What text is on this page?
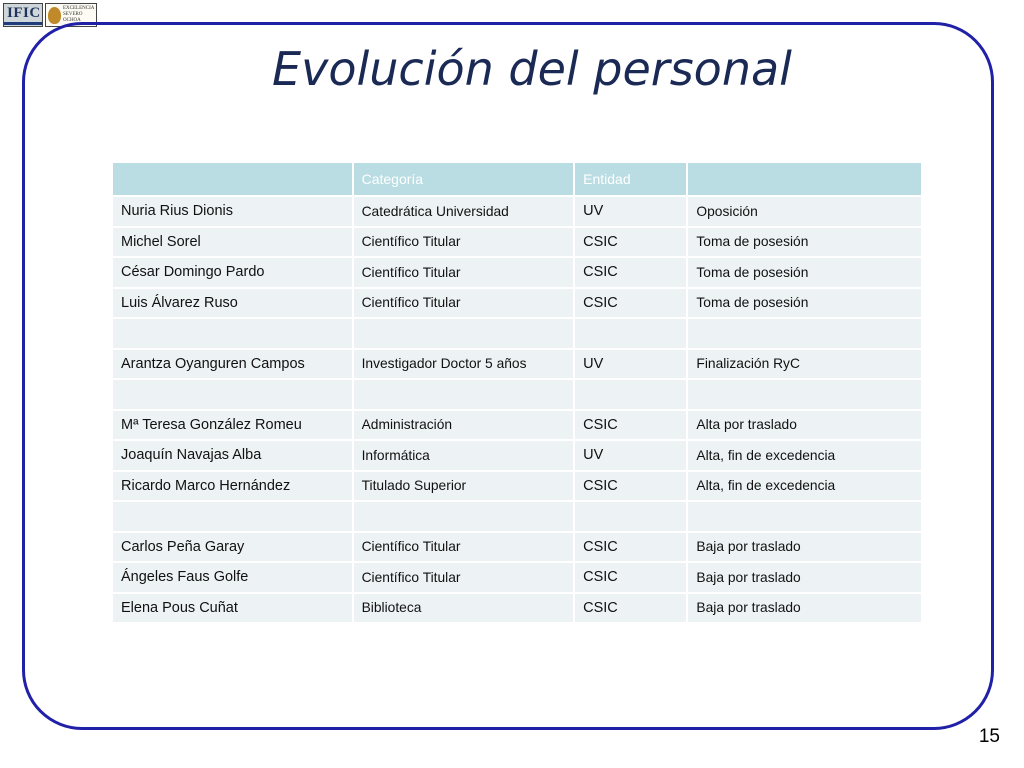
IFIC	EXCELENCIA
SEVERO
OCHOA
Evolución del personal
	Categoría	Entidad	
Nuria Rius Dionis	Catedrática Universidad	UV	Oposición
Michel Sorel	Científico Titular	CSIC	Toma de posesión
César Domingo Pardo	Científico Titular	CSIC	Toma de posesión
Luis Álvarez Ruso	Científico Titular	CSIC	Toma de posesión

Arantza Oyanguren Campos	Investigador Doctor 5 años	UV	Finalización RyC

Mª Teresa González Romeu	Administración	CSIC	Alta por traslado
Joaquín Navajas Alba	Informática	UV	Alta, fin de excedencia
Ricardo Marco Hernández	Titulado Superior	CSIC	Alta, fin de excedencia

Carlos Peña Garay	Científico Titular	CSIC	Baja por traslado
Ángeles Faus Golfe	Científico Titular	CSIC	Baja por traslado
Elena Pous Cuñat	Biblioteca	CSIC	Baja por traslado
15
